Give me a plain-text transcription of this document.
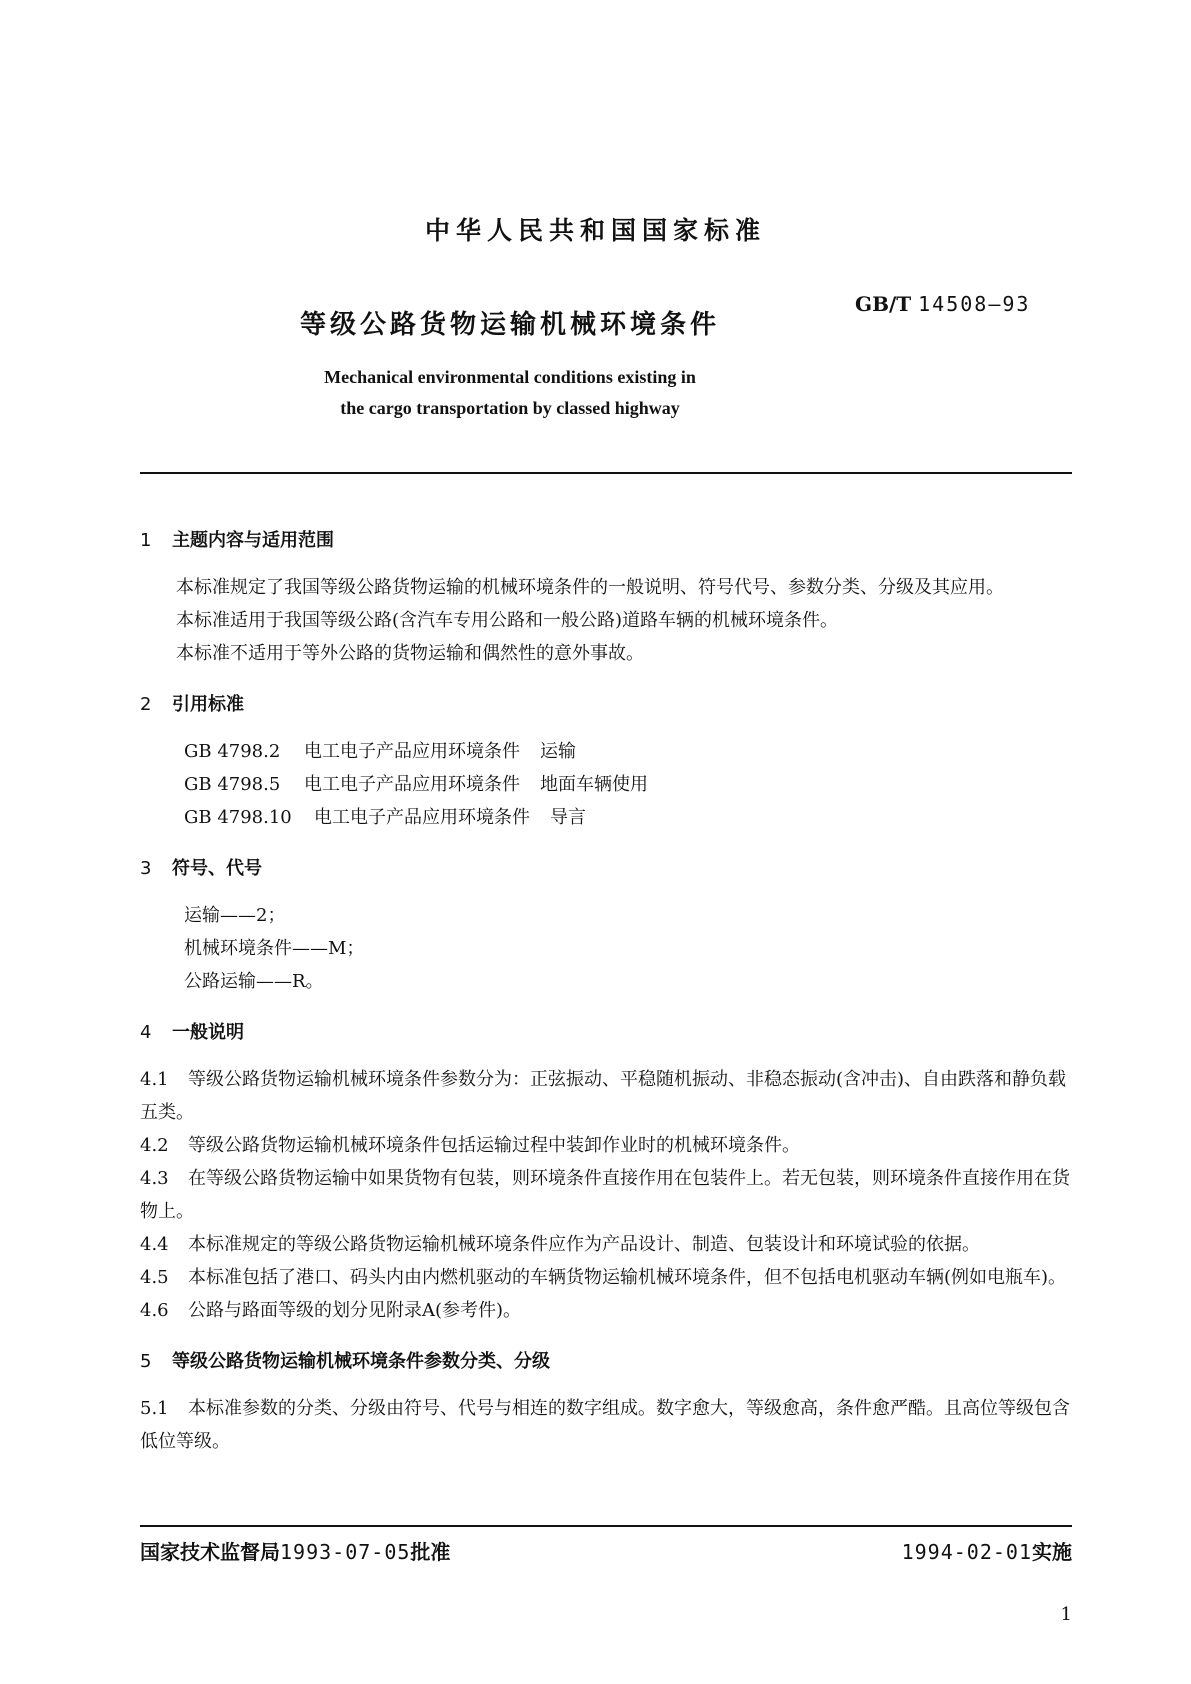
中华人民共和国国家标准
等级公路货物运输机械环境条件
GB/T 14508—93
Mechanical environmental conditions existing in
the cargo transportation by classed highway
1 主题内容与适用范围

本标准规定了我国等级公路货物运输的机械环境条件的一般说明、符号代号、参数分类、分级及其应用。

本标准适用于我国等级公路(含汽车专用公路和一般公路)道路车辆的机械环境条件。

本标准不适用于等外公路的货物运输和偶然性的意外事故。

2 引用标准
GB 4798.2 电工电子产品应用环境条件 运输
GB 4798.5 电工电子产品应用环境条件 地面车辆使用
GB 4798.10 电工电子产品应用环境条件 导言
3 符号、代号
运输——2；
机械环境条件——M；
公路运输——R。
4 一般说明

4.1 等级公路货物运输机械环境条件参数分为：正弦振动、平稳随机振动、非稳态振动(含冲击)、自由跌落和静负载五类。

4.2 等级公路货物运输机械环境条件包括运输过程中装卸作业时的机械环境条件。

4.3 在等级公路货物运输中如果货物有包装，则环境条件直接作用在包装件上。若无包装，则环境条件直接作用在货物上。

4.4 本标准规定的等级公路货物运输机械环境条件应作为产品设计、制造、包装设计和环境试验的依据。

4.5 本标准包括了港口、码头内由内燃机驱动的车辆货物运输机械环境条件，但不包括电机驱动车辆(例如电瓶车)。

4.6 公路与路面等级的划分见附录A(参考件)。

5 等级公路货物运输机械环境条件参数分类、分级

5.1 本标准参数的分类、分级由符号、代号与相连的数字组成。数字愈大，等级愈高，条件愈严酷。且高位等级包含低位等级。

国家技术监督局1993-07-05批准	1994-02-01实施
1
